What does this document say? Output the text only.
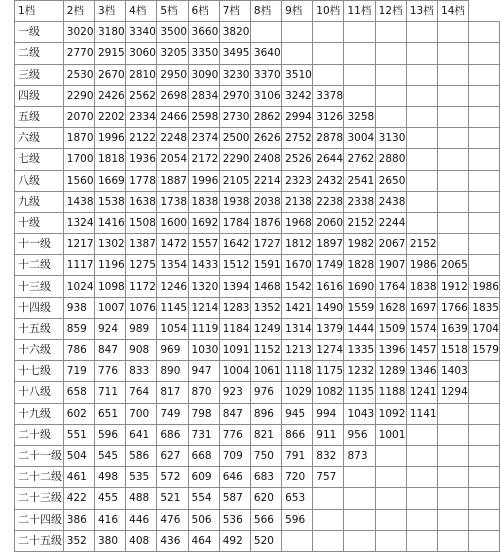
1档	2档	3档	4档	5档	6档	7档	8档	9档	10档	11档	12档	13档	14档	
一级	3020	3180	3340	3500	3660	3820								
二级	2770	2915	3060	3205	3350	3495	3640							
三级	2530	2670	2810	2950	3090	3230	3370	3510						
四级	2290	2426	2562	2698	2834	2970	3106	3242	3378					
五级	2070	2202	2334	2466	2598	2730	2862	2994	3126	3258				
六级	1870	1996	2122	2248	2374	2500	2626	2752	2878	3004	3130			
七级	1700	1818	1936	2054	2172	2290	2408	2526	2644	2762	2880			
八级	1560	1669	1778	1887	1996	2105	2214	2323	2432	2541	2650			
九级	1438	1538	1638	1738	1838	1938	2038	2138	2238	2338	2438			
十级	1324	1416	1508	1600	1692	1784	1876	1968	2060	2152	2244			
十一级	1217	1302	1387	1472	1557	1642	1727	1812	1897	1982	2067	2152		
十二级	1117	1196	1275	1354	1433	1512	1591	1670	1749	1828	1907	1986	2065	
十三级	1024	1098	1172	1246	1320	1394	1468	1542	1616	1690	1764	1838	1912	1986
十四级	938	1007	1076	1145	1214	1283	1352	1421	1490	1559	1628	1697	1766	1835
十五级	859	924	989	1054	1119	1184	1249	1314	1379	1444	1509	1574	1639	1704
十六级	786	847	908	969	1030	1091	1152	1213	1274	1335	1396	1457	1518	1579
十七级	719	776	833	890	947	1004	1061	1118	1175	1232	1289	1346	1403	
十八级	658	711	764	817	870	923	976	1029	1082	1135	1188	1241	1294	
十九级	602	651	700	749	798	847	896	945	994	1043	1092	1141		
二十级	551	596	641	686	731	776	821	866	911	956	1001			
二十一级	504	545	586	627	668	709	750	791	832	873				
二十二级	461	498	535	572	609	646	683	720	757					
二十三级	422	455	488	521	554	587	620	653						
二十四级	386	416	446	476	506	536	566	596						
二十五级	352	380	408	436	464	492	520							
